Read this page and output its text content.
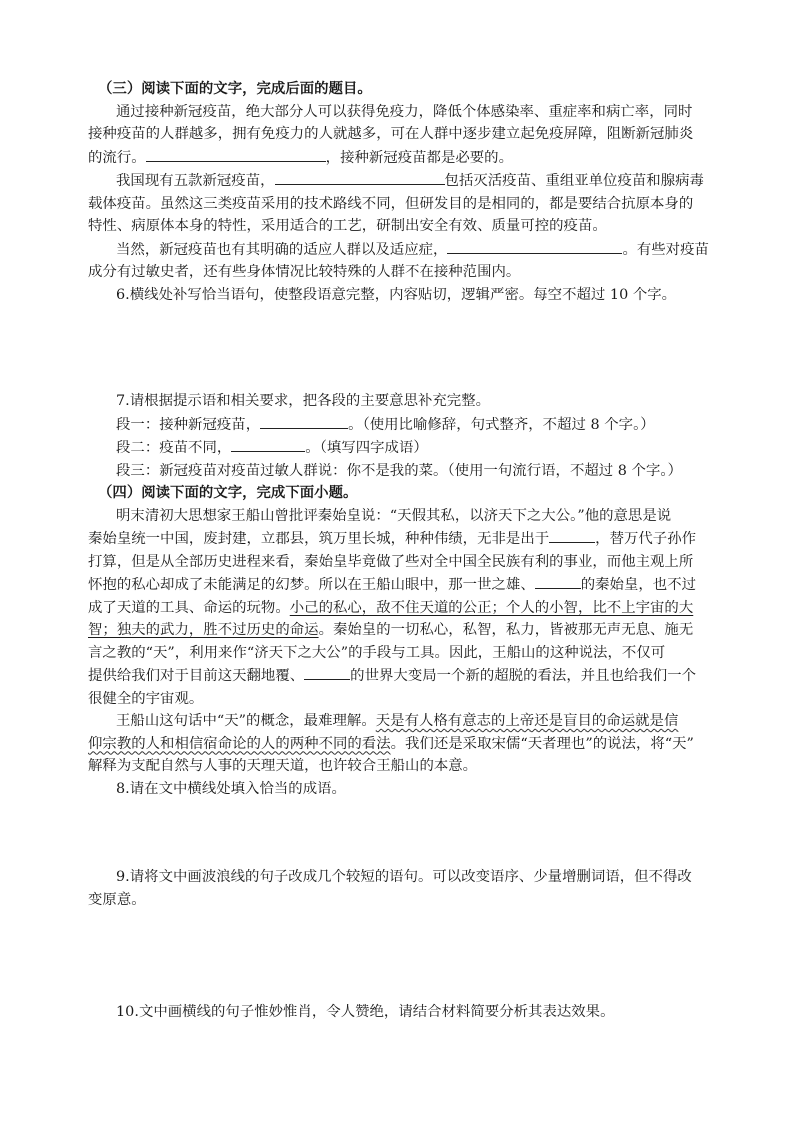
（三）阅读下面的文字，完成后面的题目。
通过接种新冠疫苗，绝大部分人可以获得免疫力，降低个体感染率、重症率和病亡率，同时
接种疫苗的人群越多，拥有免疫力的人就越多，可在人群中逐步建立起免疫屏障，阻断新冠肺炎
的流行。	，接种新冠疫苗都是必要的。
我国现有五款新冠疫苗，	包括灭活疫苗、重组亚单位疫苗和腺病毒
载体疫苗。虽然这三类疫苗采用的技术路线不同，但研发目的是相同的，都是要结合抗原本身的
特性、病原体本身的特性，采用适合的工艺，研制出安全有效、质量可控的疫苗。
当然，新冠疫苗也有其明确的适应人群以及适应症，	。有些对疫苗
成分有过敏史者，还有些身体情况比较特殊的人群不在接种范围内。
6.横线处补写恰当语句，使整段语意完整，内容贴切，逻辑严密。每空不超过 10 个字。
7.请根据提示语和相关要求，把各段的主要意思补充完整。
段一：接种新冠疫苗，	。（使用比喻修辞，句式整齐，不超过 8 个字。）
段二：疫苗不同，	。（填写四字成语）
段三：新冠疫苗对疫苗过敏人群说：你不是我的菜。（使用一句流行语，不超过 8 个字。）
（四）阅读下面的文字，完成下面小题。
明末清初大思想家王船山曾批评秦始皇说：“天假其私，以济天下之大公。”他的意思是说
秦始皇统一中国，废封建，立郡县，筑万里长城，种种伟绩，无非是出于	，替万代子孙作
打算，但是从全部历史进程来看，秦始皇毕竟做了些对全中国全民族有利的事业，而他主观上所
怀抱的私心却成了未能满足的幻梦。所以在王船山眼中，那一世之雄、	的秦始皇，也不过
成了天道的工具、命运的玩物。小己的私心，敌不住天道的公正；个人的小智，比不上宇宙的大
智；独夫的武力，胜不过历史的命运。秦始皇的一切私心，私智，私力，皆被那无声无息、施无
言之教的“天”，利用来作“济天下之大公”的手段与工具。因此，王船山的这种说法，不仅可
提供给我们对于目前这天翻地覆、	的世界大变局一个新的超脱的看法，并且也给我们一个
很健全的宇宙观。
王船山这句话中“天”的概念，最难理解。天是有人格有意志的上帝还是盲目的命运就是信
仰宗教的人和相信宿命论的人的两种不同的看法。我们还是采取宋儒“天者理也”的说法，将“天”
解释为支配自然与人事的天理天道，也许较合王船山的本意。
8.请在文中横线处填入恰当的成语。
9.请将文中画波浪线的句子改成几个较短的语句。可以改变语序、少量增删词语，但不得改
变原意。
10.文中画横线的句子惟妙惟肖，令人赞绝，请结合材料简要分析其表达效果。
